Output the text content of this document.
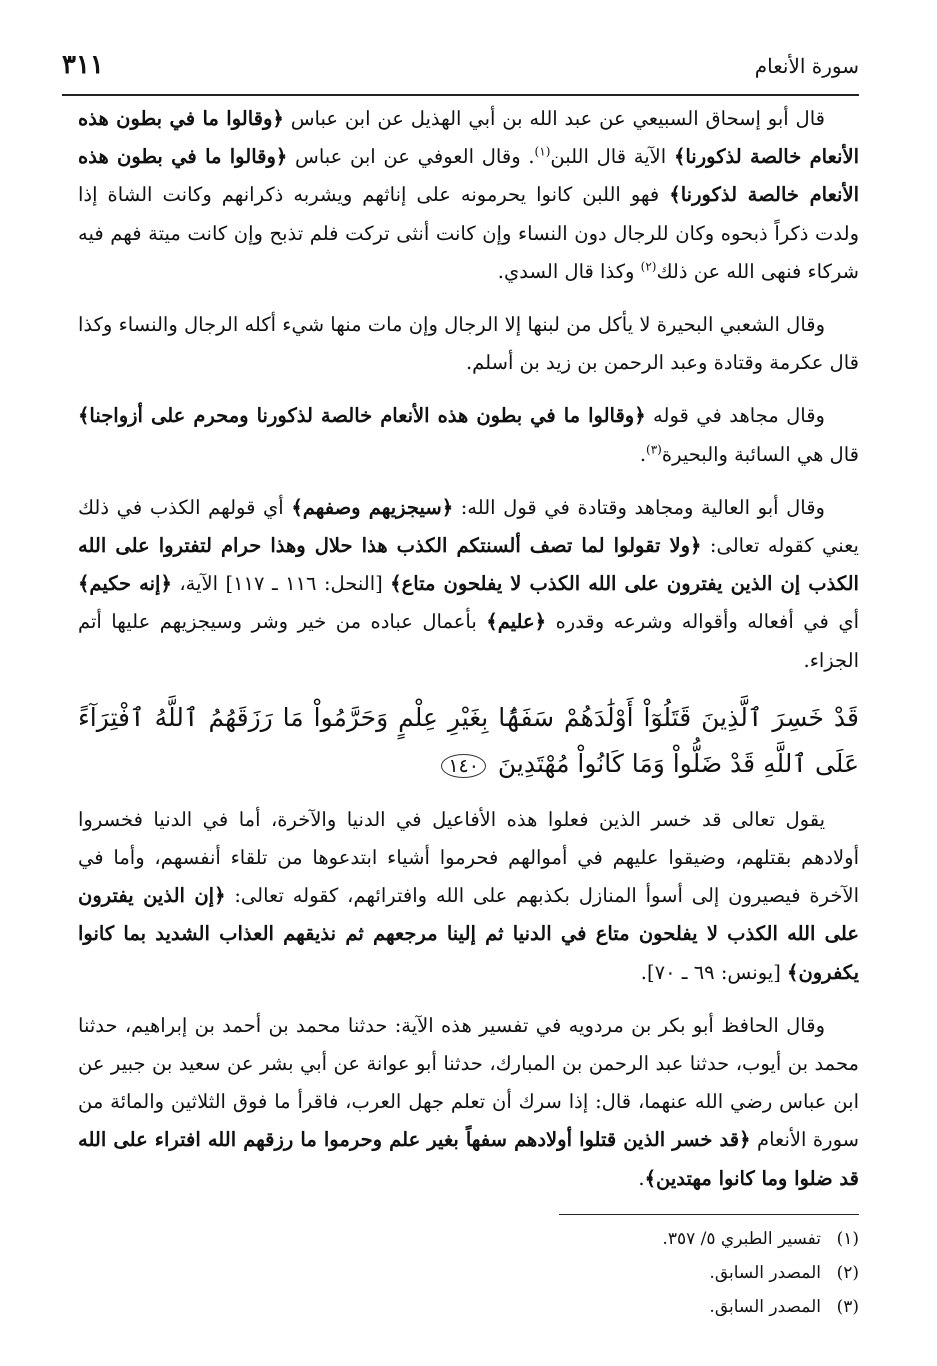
سورة الأنعام
٣١١

قال أبو إسحاق السبيعي عن عبد الله بن أبي الهذيل عن ابن عباس ﴿وقالوا ما في بطون هذه الأنعام خالصة لذكورنا﴾ الآية قال اللبن$^{(١)}$. وقال العوفي عن ابن عباس ﴿وقالوا ما في بطون هذه الأنعام خالصة لذكورنا﴾ فهو اللبن كانوا يحرمونه على إناثهم ويشربه ذكرانهم وكانت الشاة إذا ولدت ذكراً ذبحوه وكان للرجال دون النساء وإن كانت أنثى تركت فلم تذبح وإن كانت ميتة فهم فيه شركاء فنهى الله عن ذلك$^{(٢)}$ وكذا قال السدي.

وقال الشعبي البحيرة لا يأكل من لبنها إلا الرجال وإن مات منها شيء أكله الرجال والنساء وكذا قال عكرمة وقتادة وعبد الرحمن بن زيد بن أسلم.

وقال مجاهد في قوله ﴿وقالوا ما في بطون هذه الأنعام خالصة لذكورنا ومحرم على أزواجنا﴾ قال هي السائبة والبحيرة$^{(٣)}$.

وقال أبو العالية ومجاهد وقتادة في قول الله: ﴿سيجزيهم وصفهم﴾ أي قولهم الكذب في ذلك يعني كقوله تعالى: ﴿ولا تقولوا لما تصف ألسنتكم الكذب هذا حلال وهذا حرام لتفتروا على الله الكذب إن الذين يفترون على الله الكذب لا يفلحون متاع﴾ [النحل: ١١٦ ـ ١١٧] الآية، ﴿إنه حكيم﴾ أي في أفعاله وأقواله وشرعه وقدره ﴿عليم﴾ بأعمال عباده من خير وشر وسيجزيهم عليها أتم الجزاء.

قَدْ خَسِرَ ٱلَّذِينَ قَتَلُوٓاْ أَوْلَٰدَهُمْ سَفَهًۢا بِغَيْرِ عِلْمٍ وَحَرَّمُواْ مَا رَزَقَهُمُ ٱللَّهُ ٱفْتِرَآءً عَلَى ٱللَّهِ قَدْ ضَلُّواْ وَمَا كَانُواْ مُهْتَدِينَ ١٤٠

يقول تعالى قد خسر الذين فعلوا هذه الأفاعيل في الدنيا والآخرة، أما في الدنيا فخسروا أولادهم بقتلهم، وضيقوا عليهم في أموالهم فحرموا أشياء ابتدعوها من تلقاء أنفسهم، وأما في الآخرة فيصيرون إلى أسوأ المنازل بكذبهم على الله وافترائهم، كقوله تعالى: ﴿إن الذين يفترون على الله الكذب لا يفلحون متاع في الدنيا ثم إلينا مرجعهم ثم نذيقهم العذاب الشديد بما كانوا يكفرون﴾ [يونس: ٦٩ ـ ٧٠].

وقال الحافظ أبو بكر بن مردويه في تفسير هذه الآية: حدثنا محمد بن أحمد بن إبراهيم، حدثنا محمد بن أيوب، حدثنا عبد الرحمن بن المبارك، حدثنا أبو عوانة عن أبي بشر عن سعيد بن جبير عن ابن عباس رضي الله عنهما، قال: إذا سرك أن تعلم جهل العرب، فاقرأ ما فوق الثلاثين والمائة من سورة الأنعام ﴿قد خسر الذين قتلوا أولادهم سفهاً بغير علم وحرموا ما رزقهم الله افتراء على الله قد ضلوا وما كانوا مهتدين﴾.

(١)تفسير الطبري ٥/ ٣٥٧.
(٢)المصدر السابق.
(٣)المصدر السابق.
